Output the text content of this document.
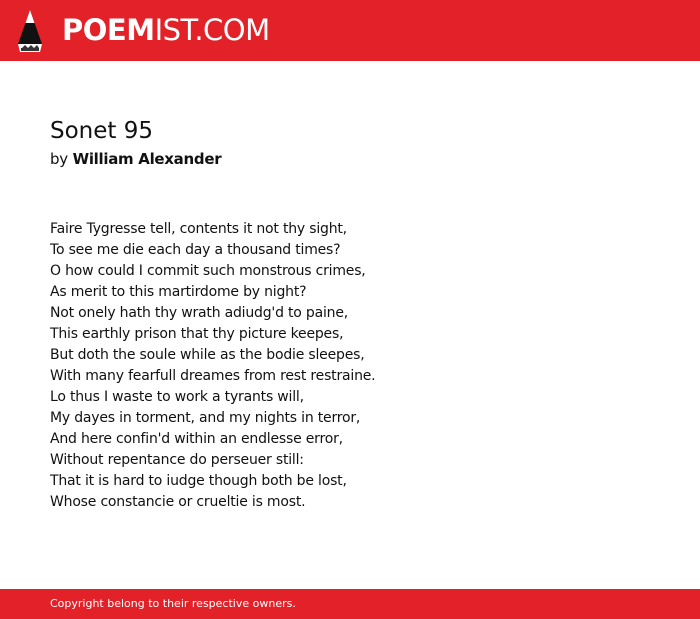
POEMIST.COM
Sonet 95
by William Alexander
Faire Tygresse tell, contents it not thy sight,
To see me die each day a thousand times?
O how could I commit such monstrous crimes,
As merit to this martirdome by night?
Not onely hath thy wrath adiudg'd to paine,
This earthly prison that thy picture keepes,
But doth the soule while as the bodie sleepes,
With many fearfull dreames from rest restraine.
Lo thus I waste to work a tyrants will,
My dayes in torment, and my nights in terror,
And here confin'd within an endlesse error,
Without repentance do perseuer still:
That it is hard to iudge though both be lost,
Whose constancie or crueltie is most.
Copyright belong to their respective owners.
